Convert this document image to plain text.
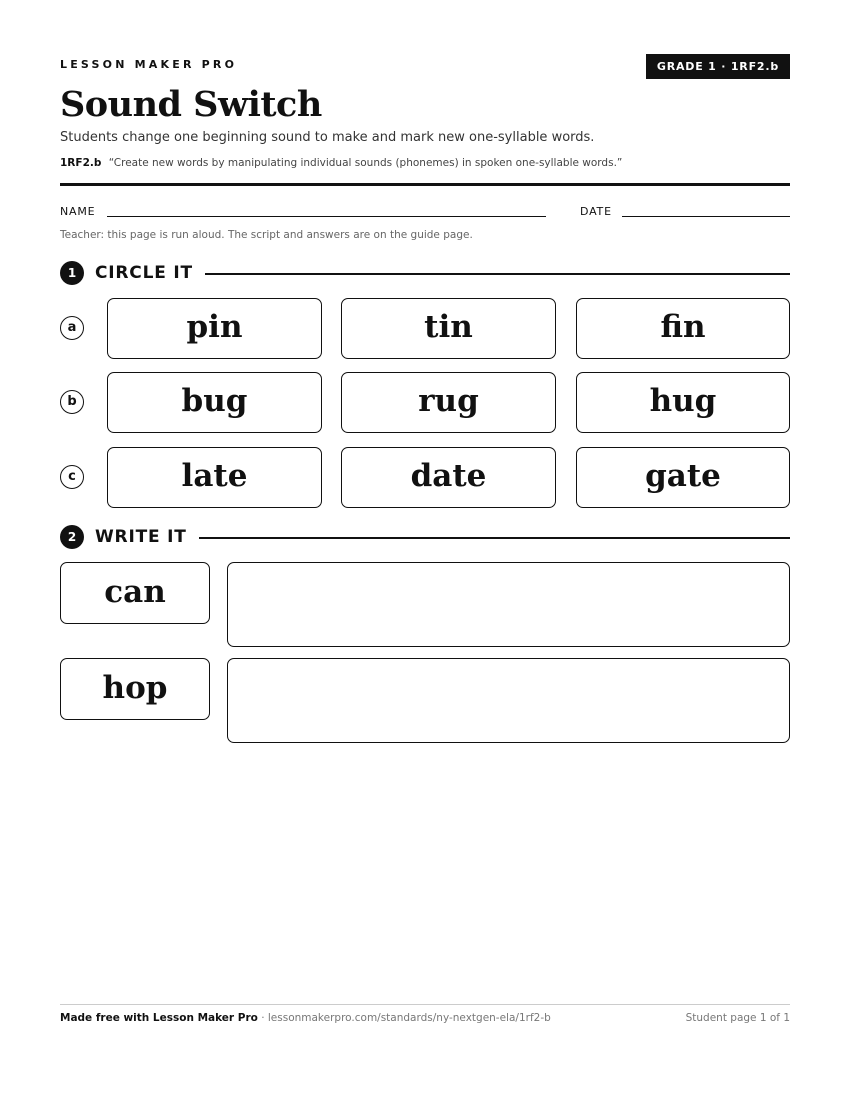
LESSON MAKER PRO	GRADE 1 · 1RF2.b
Sound Switch
Students change one beginning sound to make and mark new one-syllable words.
1RF2.b “Create new words by manipulating individual sounds (phonemes) in spoken one-syllable words.”
NAME	DATE
Teacher: this page is run aloud. The script and answers are on the guide page.
1	CIRCLE IT
a	pin	tin	fin
b	bug	rug	hug
c	late	date	gate
2	WRITE IT
can
hop
Made free with Lesson Maker Pro · lessonmakerpro.com/standards/ny-nextgen-ela/1rf2-b	Student page 1 of 1
